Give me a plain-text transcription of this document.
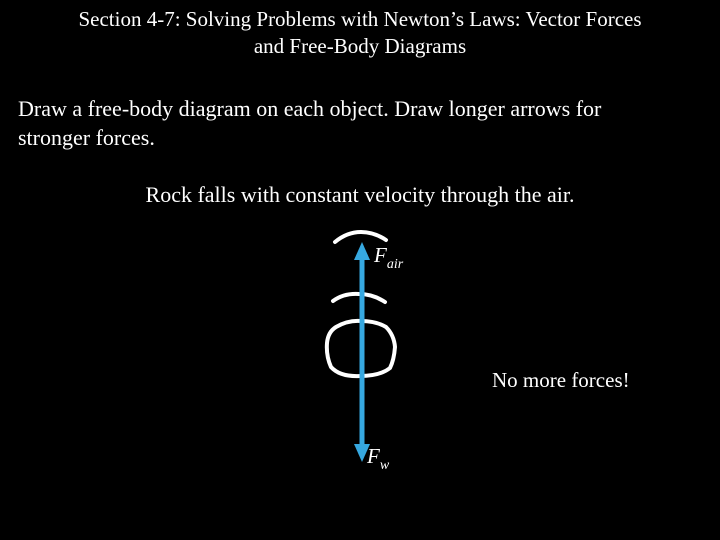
Section 4-7: Solving Problems with Newton’s Laws: Vector Forces
and Free-Body Diagrams
Draw a free-body diagram on each object. Draw longer arrows for
stronger forces.
Rock falls with constant velocity through the air.
$F_{air}$
$F_w$
No more forces!
